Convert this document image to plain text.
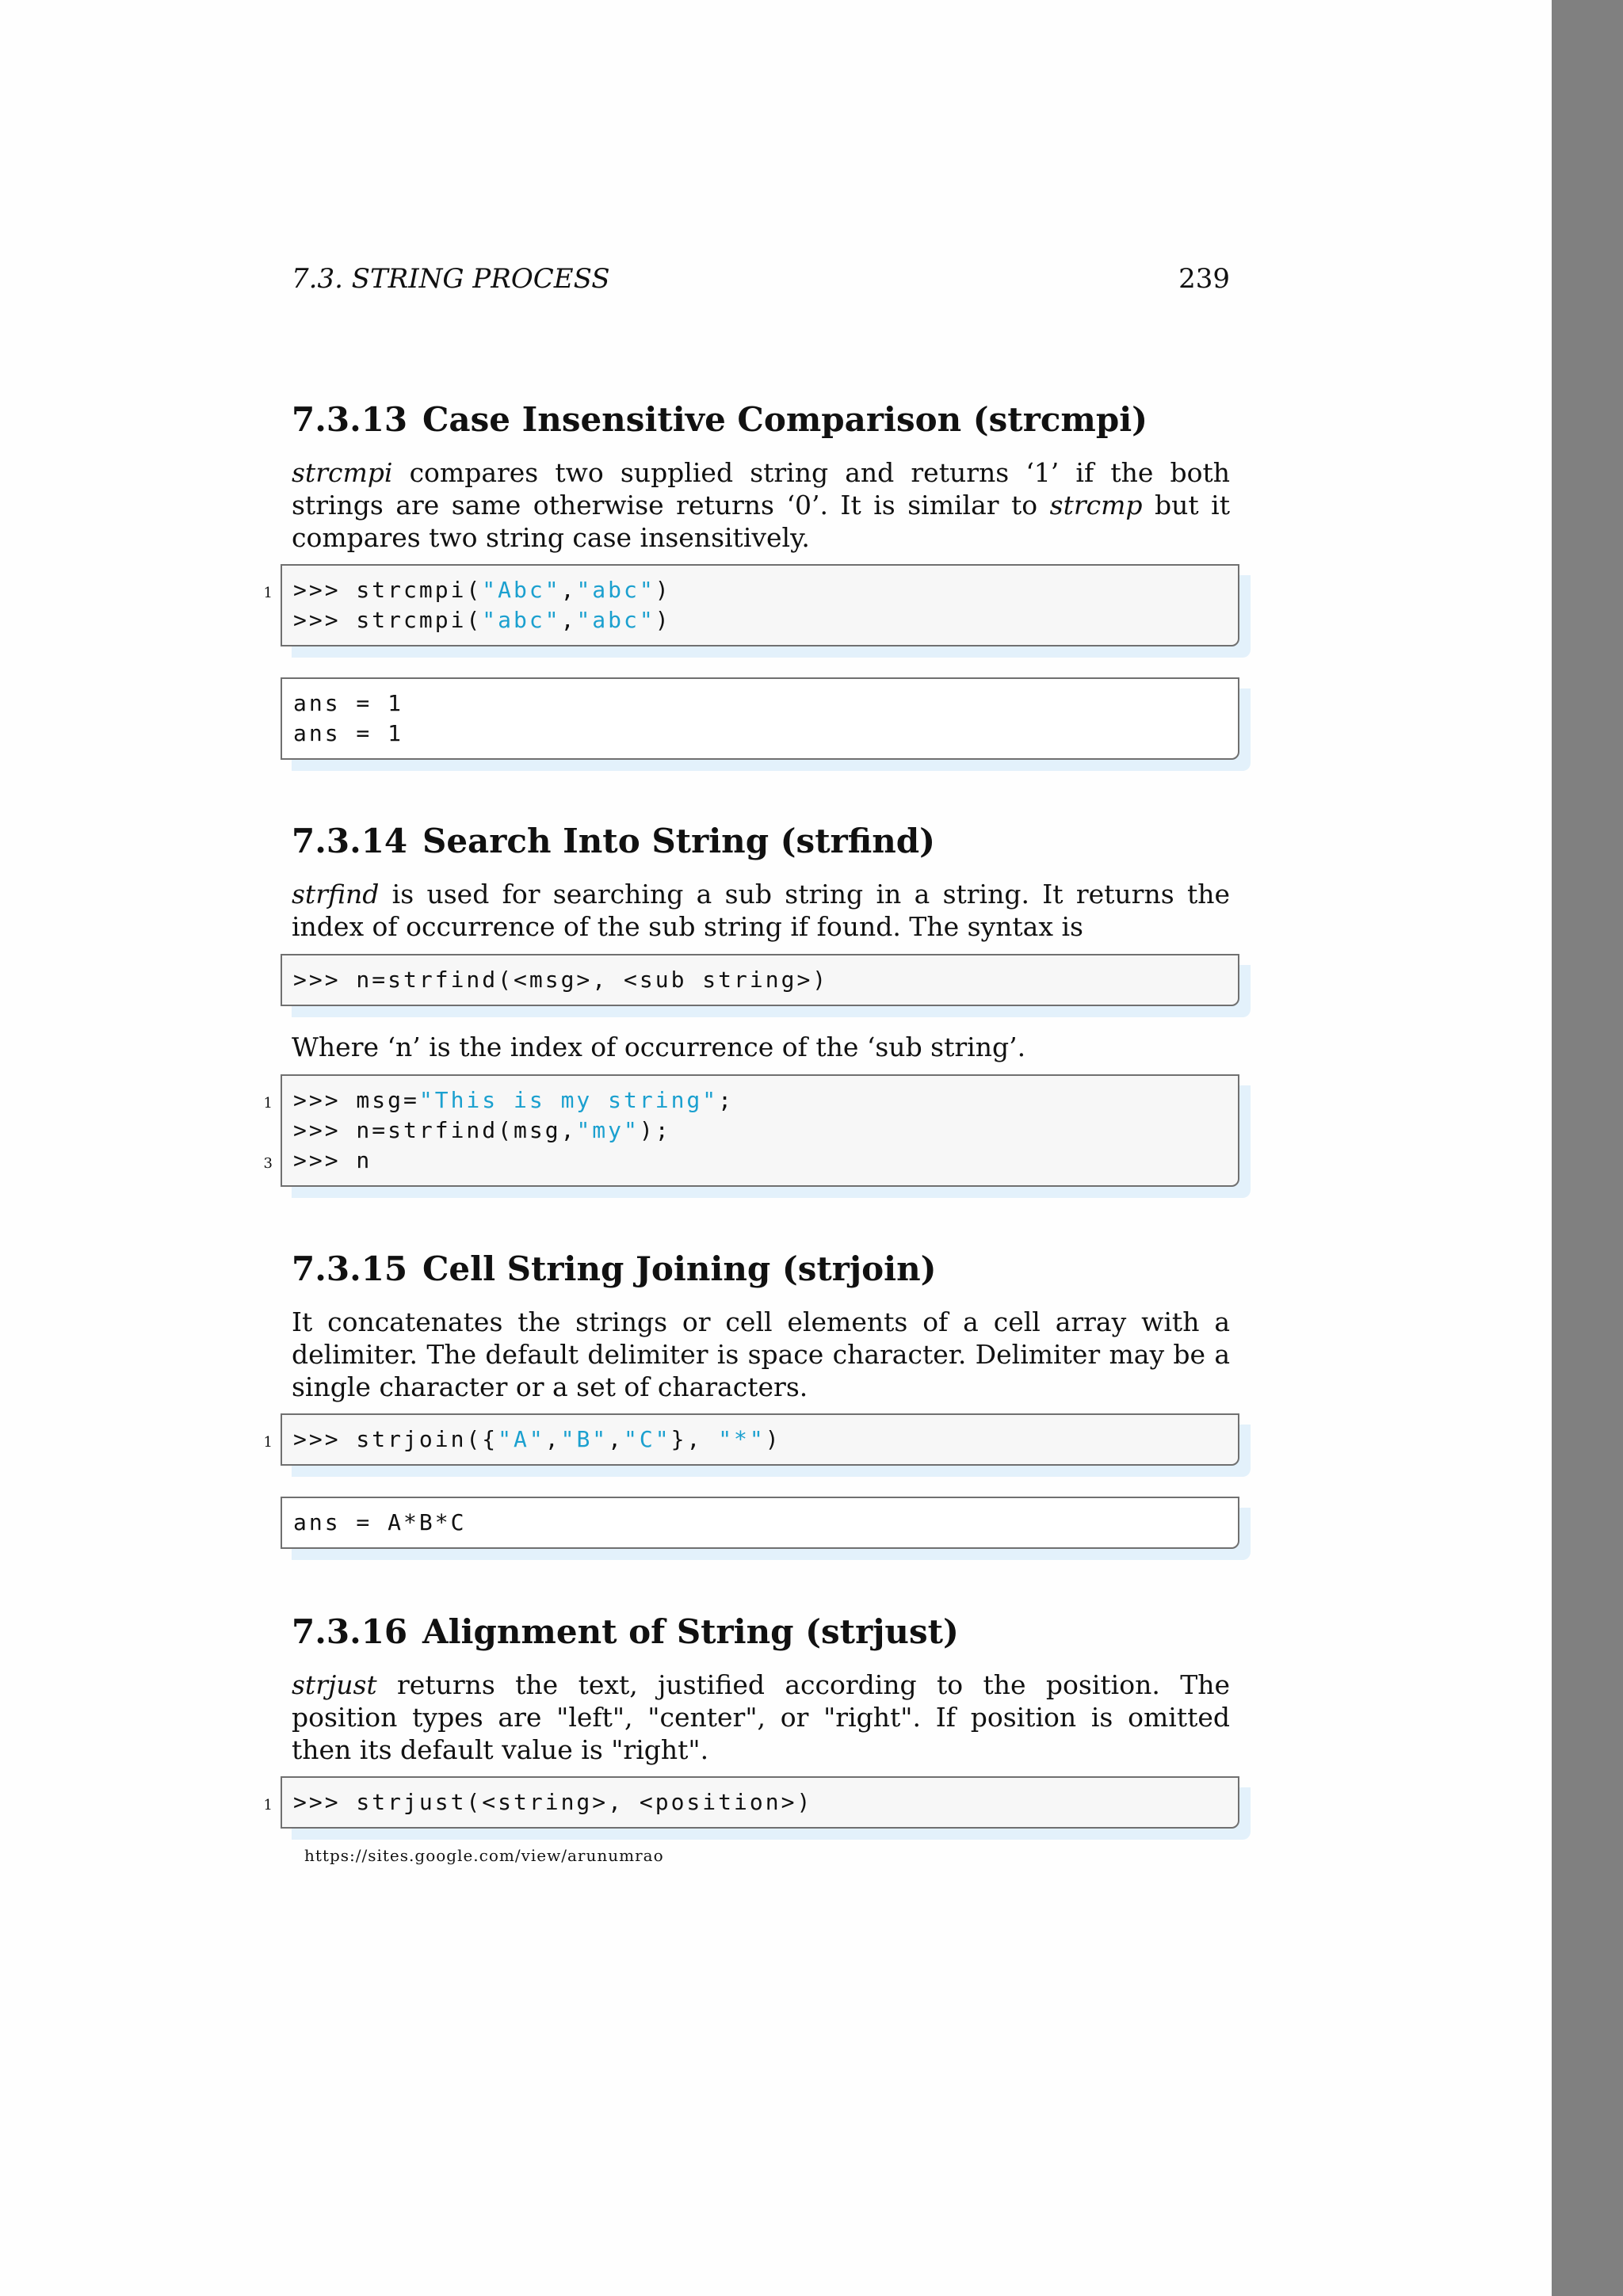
7.3. STRING PROCESS	239
7.3.13 Case Insensitive Comparison (strcmpi)
strcmpi compares two supplied string and returns ‘1’ if the both strings are same otherwise returns ‘0’. It is similar to strcmp but it compares two string case insensitively.
1 >>> strcmpi("Abc","abc")
>>> strcmpi("abc","abc")
ans = 1
ans = 1
7.3.14 Search Into String (strfind)
strfind is used for searching a sub string in a string. It returns the index of occurrence of the sub string if found. The syntax is
>>> n=strfind(<msg>, <sub string>)
Where ‘n’ is the index of occurrence of the ‘sub string’.
1 >>> msg="This is my string";
>>> n=strfind(msg,"my");
3 >>> n
7.3.15 Cell String Joining (strjoin)
It concatenates the strings or cell elements of a cell array with a delimiter. The default delimiter is space character. Delimiter may be a single character or a set of characters.
1 >>> strjoin({"A","B","C"}, "*")
ans = A*B*C
7.3.16 Alignment of String (strjust)
strjust returns the text, justified according to the position. The position types are "left", "center", or "right". If position is omitted then its default value is "right".
1 >>> strjust(<string>, <position>)
https://sites.google.com/view/arunumrao
